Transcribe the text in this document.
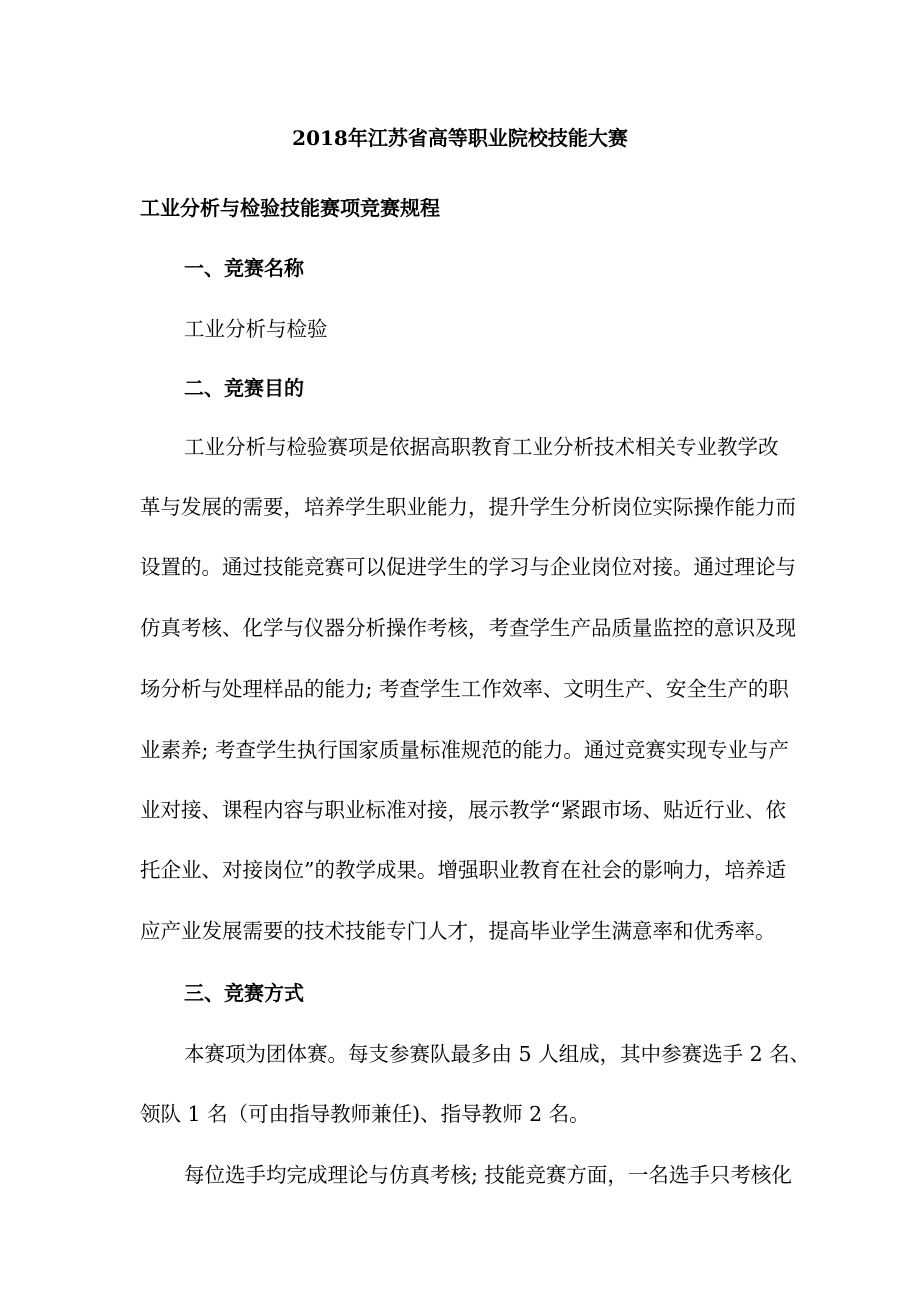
2018年江苏省高等职业院校技能大赛
工业分析与检验技能赛项竞赛规程
一、竞赛名称
工业分析与检验
二、竞赛目的
工业分析与检验赛项是依据高职教育工业分析技术相关专业教学改
革与发展的需要，培养学生职业能力，提升学生分析岗位实际操作能力而
设置的。通过技能竞赛可以促进学生的学习与企业岗位对接。通过理论与
仿真考核、化学与仪器分析操作考核，考查学生产品质量监控的意识及现
场分析与处理样品的能力; 考查学生工作效率、文明生产、安全生产的职
业素养; 考查学生执行国家质量标准规范的能力。通过竞赛实现专业与产
业对接、课程内容与职业标准对接，展示教学“紧跟市场、贴近行业、依
托企业、对接岗位”的教学成果。增强职业教育在社会的影响力，培养适
应产业发展需要的技术技能专门人才，提高毕业学生满意率和优秀率。
三、竞赛方式
本赛项为团体赛。每支参赛队最多由 5 人组成，其中参赛选手 2 名、
领队 1 名（可由指导教师兼任)、指导教师 2 名。
每位选手均完成理论与仿真考核; 技能竞赛方面，一名选手只考核化
